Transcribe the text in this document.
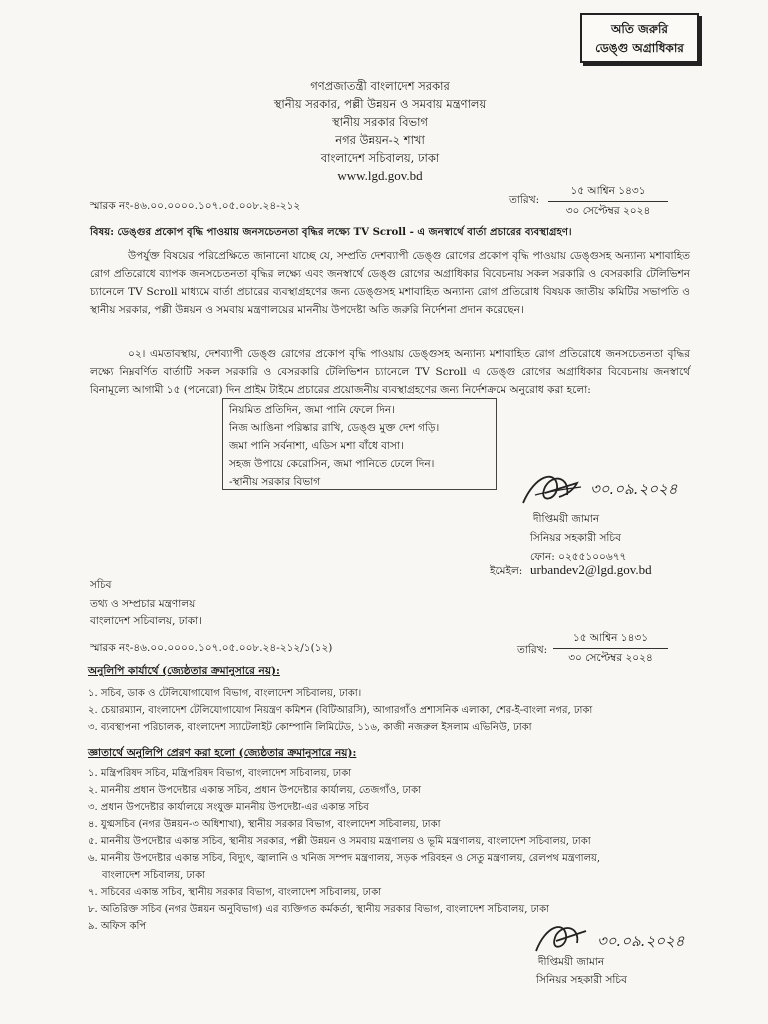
অতি জরুরি
ডেঙ্গু অগ্রাধিকার
গণপ্রজাতন্ত্রী বাংলাদেশ সরকার
স্থানীয় সরকার, পল্লী উন্নয়ন ও সমবায় মন্ত্রণালয়
স্থানীয় সরকার বিভাগ
নগর উন্নয়ন-২ শাখা
বাংলাদেশ সচিবালয়, ঢাকা
www.lgd.gov.bd
স্মারক নং-৪৬.০০.০০০০.১০৭.০৫.০০৮.২৪-২১২	তারিখ:
১৫ আশ্বিন ১৪৩১
৩০ সেপ্টেম্বর ২০২৪
বিষয়: ডেঙ্গুর প্রকোপ বৃদ্ধি পাওয়ায় জনসচেতনতা বৃদ্ধির লক্ষ্যে TV Scroll - এ জনস্বার্থে বার্তা প্রচারের ব্যবস্থাগ্রহণ।
উপর্যুক্ত বিষয়ের পরিপ্রেক্ষিতে জানানো যাচ্ছে যে, সম্প্রতি দেশব্যাপী ডেঙ্গু রোগের প্রকোপ বৃদ্ধি পাওয়ায় ডেঙ্গুসহ অন্যান্য মশাবাহিত রোগ প্রতিরোধে ব্যাপক জনসচেতনতা বৃদ্ধির লক্ষ্যে এবং জনস্বার্থে ডেঙ্গু রোগের অগ্রাধিকার বিবেচনায় সকল সরকারি ও বেসরকারি টেলিভিশন চ্যানেলে TV Scroll মাধ্যমে বার্তা প্রচারের ব্যবস্থাগ্রহণের জন্য ডেঙ্গুসহ মশাবাহিত অন্যান্য রোগ প্রতিরোধ বিষয়ক জাতীয় কমিটির সভাপতি ও স্থানীয় সরকার, পল্লী উন্নয়ন ও সমবায় মন্ত্রণালয়ের মাননীয় উপদেষ্টা অতি জরুরি নির্দেশনা প্রদান করেছেন।
০২। এমতাবস্থায়, দেশব্যাপী ডেঙ্গু রোগের প্রকোপ বৃদ্ধি পাওয়ায় ডেঙ্গুসহ অন্যান্য মশাবাহিত রোগ প্রতিরোধে জনসচেতনতা বৃদ্ধির লক্ষ্যে নিম্নবর্ণিত বার্তাটি সকল সরকারি ও বেসরকারি টেলিভিশন চ্যানেলে TV Scroll এ ডেঙ্গু রোগের অগ্রাধিকার বিবেচনায় জনস্বার্থে বিনামূল্যে আগামী ১৫ (পনেরো) দিন প্রাইম টাইমে প্রচারের প্রয়োজনীয় ব্যবস্থাগ্রহণের জন্য নির্দেশক্রমে অনুরোধ করা হলো:
নিয়মিত প্রতিদিন, জমা পানি ফেলে দিন।
নিজ আঙিনা পরিষ্কার রাখি, ডেঙ্গু মুক্ত দেশ গড়ি।
জমা পানি সর্বনাশা, এডিস মশা বাঁধে বাসা।
সহজ উপায়ে কেরোসিন, জমা পানিতে ঢেলে দিন।
-স্থানীয় সরকার বিভাগ	৩০.০৯.২০২৪
দীপ্তিময়ী জামান
সিনিয়র সহকারী সচিব
ফোন: ০২৫৫১০০৬৭৭
ইমেইল: urbandev2@lgd.gov.bd
সচিব
তথ্য ও সম্প্রচার মন্ত্রণালয়
বাংলাদেশ সচিবালয়, ঢাকা।
স্মারক নং-৪৬.০০.০০০০.১০৭.০৫.০০৮.২৪-২১২/১(১২)	তারিখ:
১৫ আশ্বিন ১৪৩১
৩০ সেপ্টেম্বর ২০২৪
অনুলিপি কার্যার্থে (জ্যেষ্ঠতার ক্রমানুসারে নয়):
১. সচিব, ডাক ও টেলিযোগাযোগ বিভাগ, বাংলাদেশ সচিবালয়, ঢাকা।
২. চেয়ারম্যান, বাংলাদেশ টেলিযোগাযোগ নিয়ন্ত্রণ কমিশন (বিটিআরসি), আগারগাঁও প্রশাসনিক এলাকা, শের-ই-বাংলা নগর, ঢাকা
৩. ব্যবস্থাপনা পরিচালক, বাংলাদেশ স্যাটেলাইট কোম্পানি লিমিটেড, ১১৬, কাজী নজরুল ইসলাম এভিনিউ, ঢাকা
জ্ঞাতার্থে অনুলিপি প্রেরণ করা হলো (জ্যেষ্ঠতার ক্রমানুসারে নয়):
১. মন্ত্রিপরিষদ সচিব, মন্ত্রিপরিষদ বিভাগ, বাংলাদেশ সচিবালয়, ঢাকা
২. মাননীয় প্রধান উপদেষ্টার একান্ত সচিব, প্রধান উপদেষ্টার কার্যালয়, তেজগাঁও, ঢাকা
৩. প্রধান উপদেষ্টার কার্যালয়ে সংযুক্ত মাননীয় উপদেষ্টা-এর একান্ত সচিব
৪. যুগ্মসচিব (নগর উন্নয়ন-৩ অধিশাখা), স্থানীয় সরকার বিভাগ, বাংলাদেশ সচিবালয়, ঢাকা
৫. মাননীয় উপদেষ্টার একান্ত সচিব, স্থানীয় সরকার, পল্লী উন্নয়ন ও সমবায় মন্ত্রণালয় ও ভূমি মন্ত্রণালয়, বাংলাদেশ সচিবালয়, ঢাকা
৬. মাননীয় উপদেষ্টার একান্ত সচিব, বিদ্যুৎ, জ্বালানি ও খনিজ সম্পদ মন্ত্রণালয়, সড়ক পরিবহন ও সেতু মন্ত্রণালয়, রেলপথ মন্ত্রণালয়,
বাংলাদেশ সচিবালয়, ঢাকা
৭. সচিবের একান্ত সচিব, স্থানীয় সরকার বিভাগ, বাংলাদেশ সচিবালয়, ঢাকা
৮. অতিরিক্ত সচিব (নগর উন্নয়ন অনুবিভাগ) এর ব্যক্তিগত কর্মকর্তা, স্থানীয় সরকার বিভাগ, বাংলাদেশ সচিবালয়, ঢাকা
৯. অফিস কপি
৩০.০৯.২০২৪
দীপ্তিময়ী জামান
সিনিয়র সহকারী সচিব
